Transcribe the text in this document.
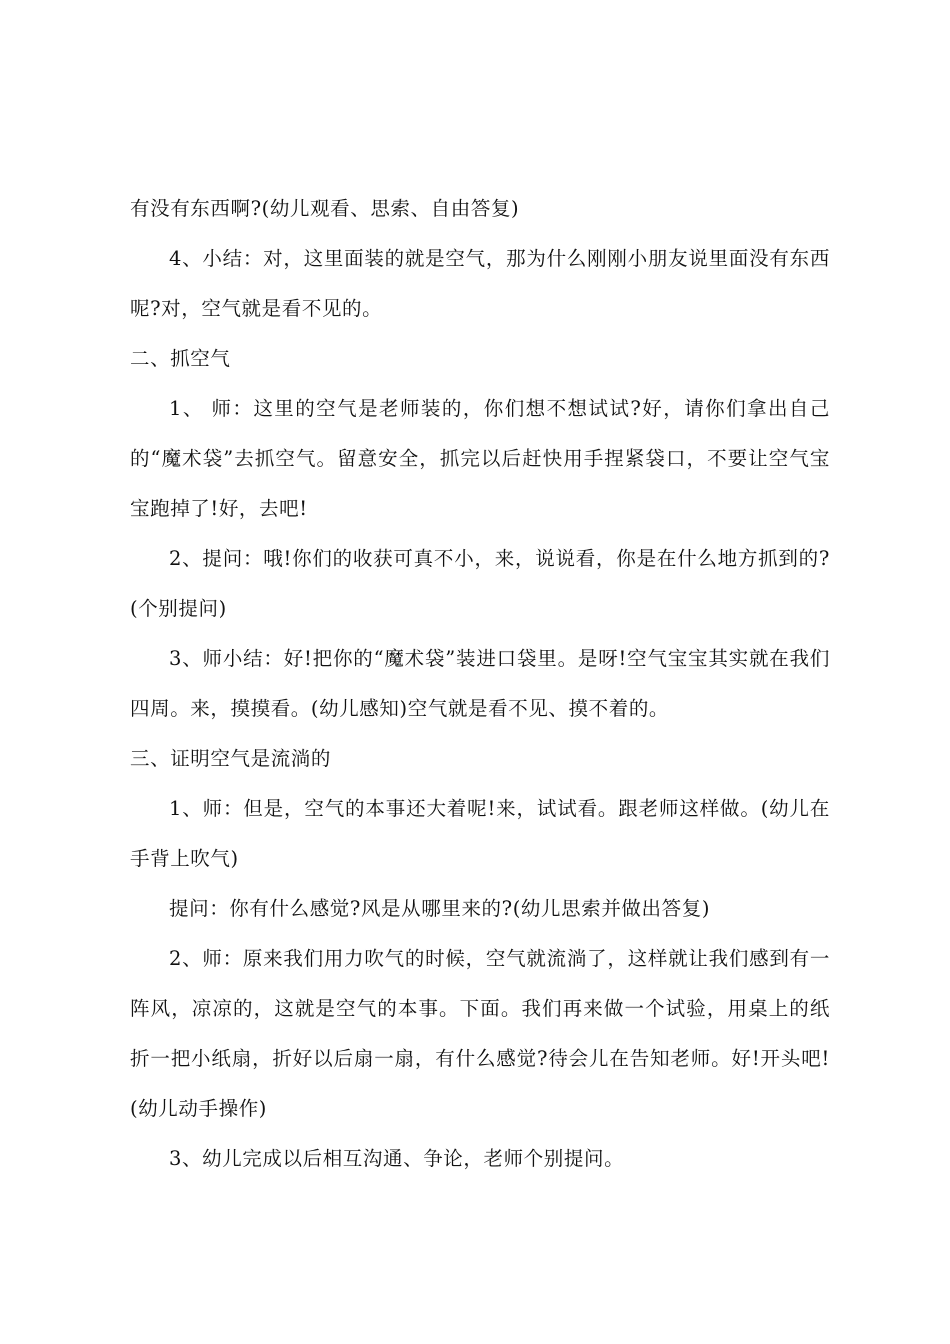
有没有东西啊?(幼儿观看、思索、自由答复)

4、小结：对，这里面装的就是空气，那为什么刚刚小朋友说里面没有东西呢?对，空气就是看不见的。

二、抓空气

1、 师：这里的空气是老师装的，你们想不想试试?好，请你们拿出自己的“魔术袋”去抓空气。留意安全，抓完以后赶快用手捏紧袋口，不要让空气宝宝跑掉了!好，去吧!

2、提问：哦!你们的收获可真不小，来，说说看，你是在什么地方抓到的?(个别提问)

3、师小结：好!把你的“魔术袋”装进口袋里。是呀!空气宝宝其实就在我们四周。来，摸摸看。(幼儿感知)空气就是看不见、摸不着的。

三、证明空气是流淌的

1、师：但是，空气的本事还大着呢!来，试试看。跟老师这样做。(幼儿在手背上吹气)

提问：你有什么感觉?风是从哪里来的?(幼儿思索并做出答复)

2、师：原来我们用力吹气的时候，空气就流淌了，这样就让我们感到有一阵风，凉凉的，这就是空气的本事。下面。我们再来做一个试验，用桌上的纸折一把小纸扇，折好以后扇一扇，有什么感觉?待会儿在告知老师。好!开头吧!(幼儿动手操作)

3、幼儿完成以后相互沟通、争论，老师个别提问。
